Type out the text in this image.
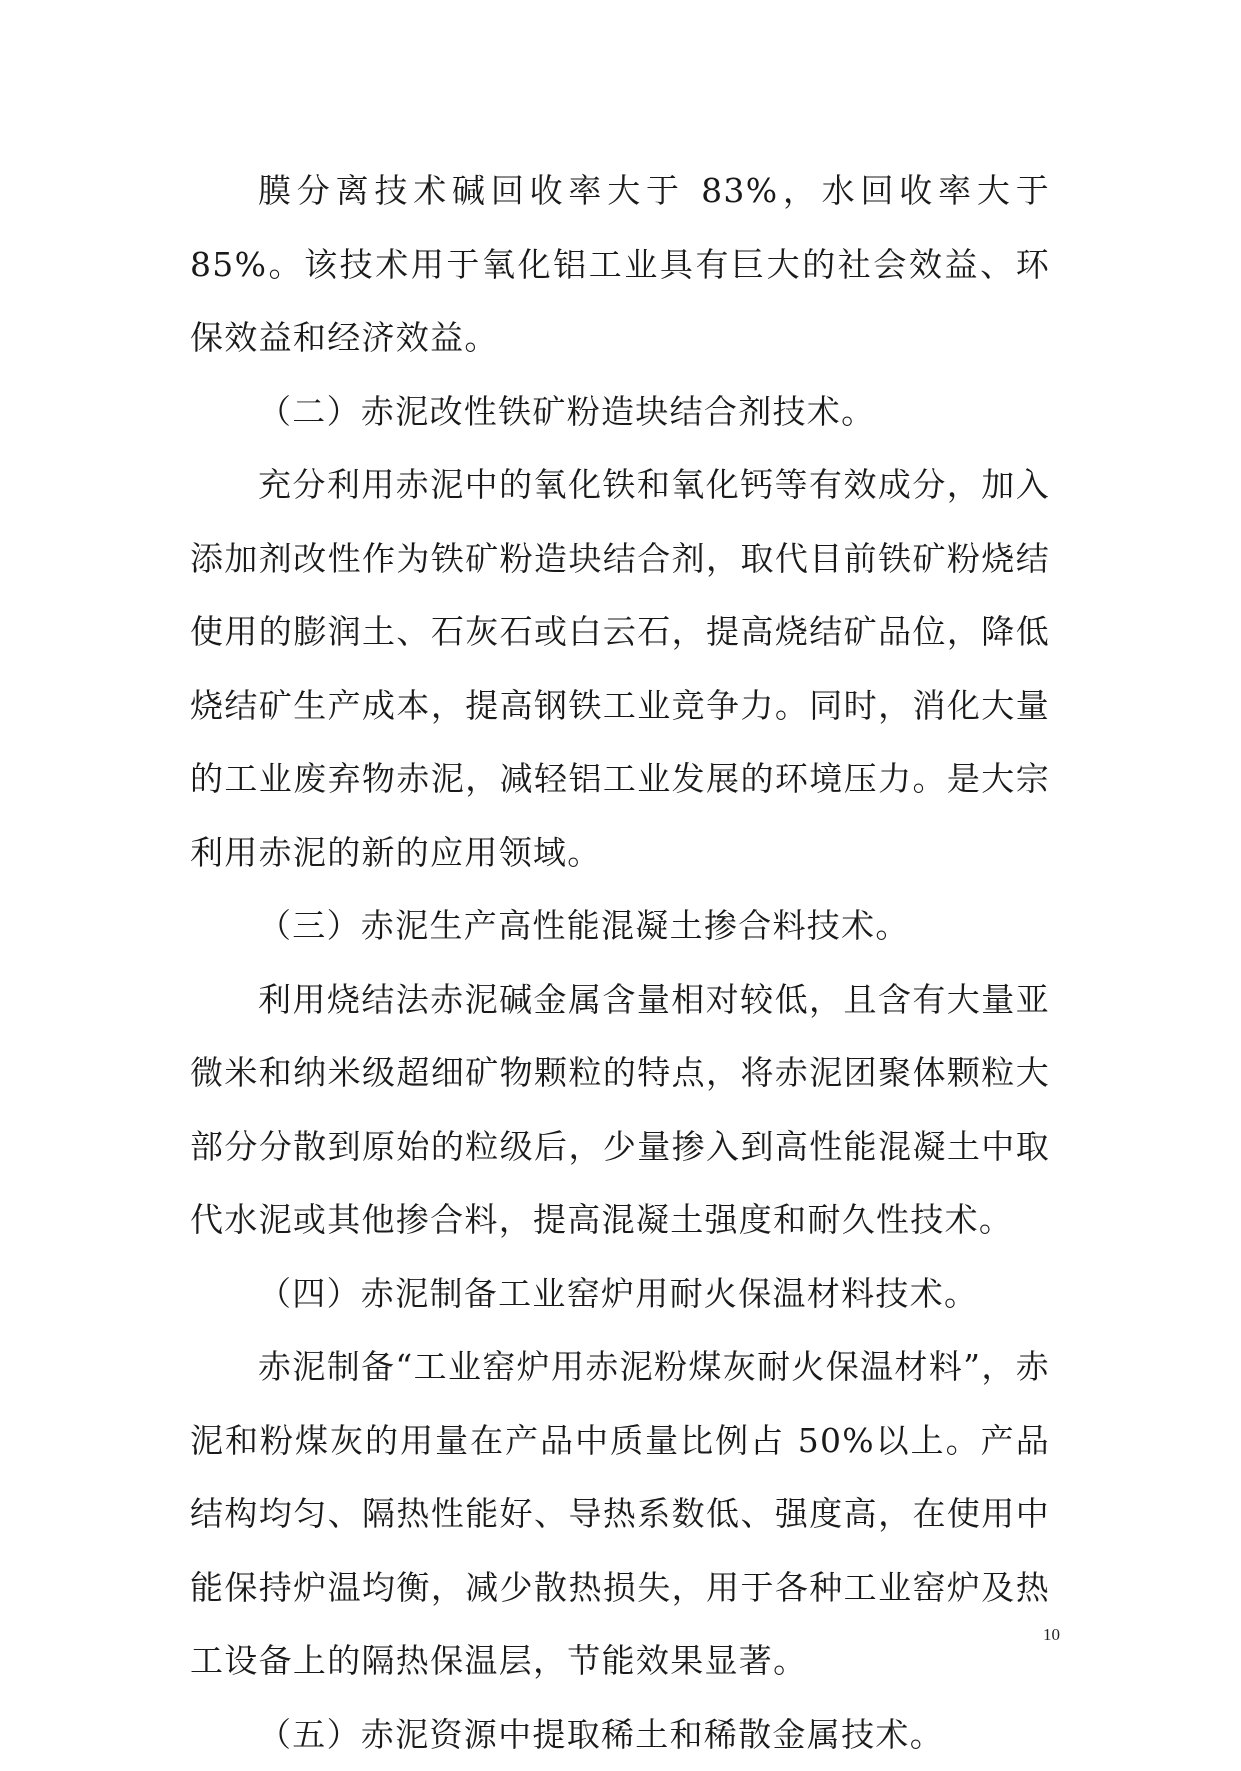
膜分离技术碱回收率大于 83%，水回收率大于 85%。该技术用于氧化铝工业具有巨大的社会效益、环保效益和经济效益。

（二）赤泥改性铁矿粉造块结合剂技术。

充分利用赤泥中的氧化铁和氧化钙等有效成分，加入添加剂改性作为铁矿粉造块结合剂，取代目前铁矿粉烧结使用的膨润土、石灰石或白云石，提高烧结矿品位，降低烧结矿生产成本，提高钢铁工业竞争力。同时，消化大量的工业废弃物赤泥，减轻铝工业发展的环境压力。是大宗利用赤泥的新的应用领域。

（三）赤泥生产高性能混凝土掺合料技术。

利用烧结法赤泥碱金属含量相对较低，且含有大量亚微米和纳米级超细矿物颗粒的特点，将赤泥团聚体颗粒大部分分散到原始的粒级后，少量掺入到高性能混凝土中取代水泥或其他掺合料，提高混凝土强度和耐久性技术。

（四）赤泥制备工业窑炉用耐火保温材料技术。

赤泥制备“工业窑炉用赤泥粉煤灰耐火保温材料”，赤泥和粉煤灰的用量在产品中质量比例占 50%以上。产品结构均匀、隔热性能好、导热系数低、强度高，在使用中能保持炉温均衡，减少散热损失，用于各种工业窑炉及热工设备上的隔热保温层，节能效果显著。

（五）赤泥资源中提取稀土和稀散金属技术。

10
